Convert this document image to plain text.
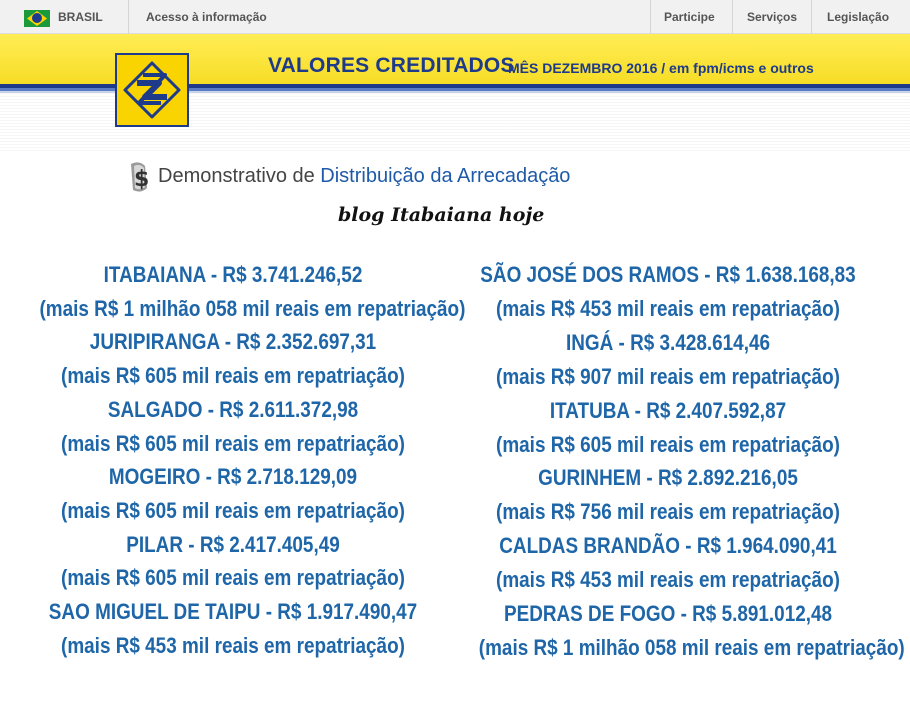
BRASIL	Acesso à informação	Participe	Serviços Legislação
VALORES CREDITADOS
MÊS DEZEMBRO 2016 / em fpm/icms e outros
$ Demonstrativo de Distribuição da Arrecadação
blog Itabaiana hoje
ITABAIANA - R$ 3.741.246,52
(mais R$ 1 milhão 058 mil reais em repatriação)
JURIPIRANGA - R$ 2.352.697,31
(mais R$ 605 mil reais em repatriação)
SALGADO - R$ 2.611.372,98
(mais R$ 605 mil reais em repatriação)
MOGEIRO - R$ 2.718.129,09
(mais R$ 605 mil reais em repatriação)
PILAR - R$ 2.417.405,49
(mais R$ 605 mil reais em repatriação)
SAO MIGUEL DE TAIPU - R$ 1.917.490,47
(mais R$ 453 mil reais em repatriação)
SÃO JOSÉ DOS RAMOS - R$ 1.638.168,83
(mais R$ 453 mil reais em repatriação)
INGÁ - R$ 3.428.614,46
(mais R$ 907 mil reais em repatriação)
ITATUBA - R$ 2.407.592,87
(mais R$ 605 mil reais em repatriação)
GURINHEM - R$ 2.892.216,05
(mais R$ 756 mil reais em repatriação)
CALDAS BRANDÃO - R$ 1.964.090,41
(mais R$ 453 mil reais em repatriação)
PEDRAS DE FOGO - R$ 5.891.012,48
(mais R$ 1 milhão 058 mil reais em repatriação)
